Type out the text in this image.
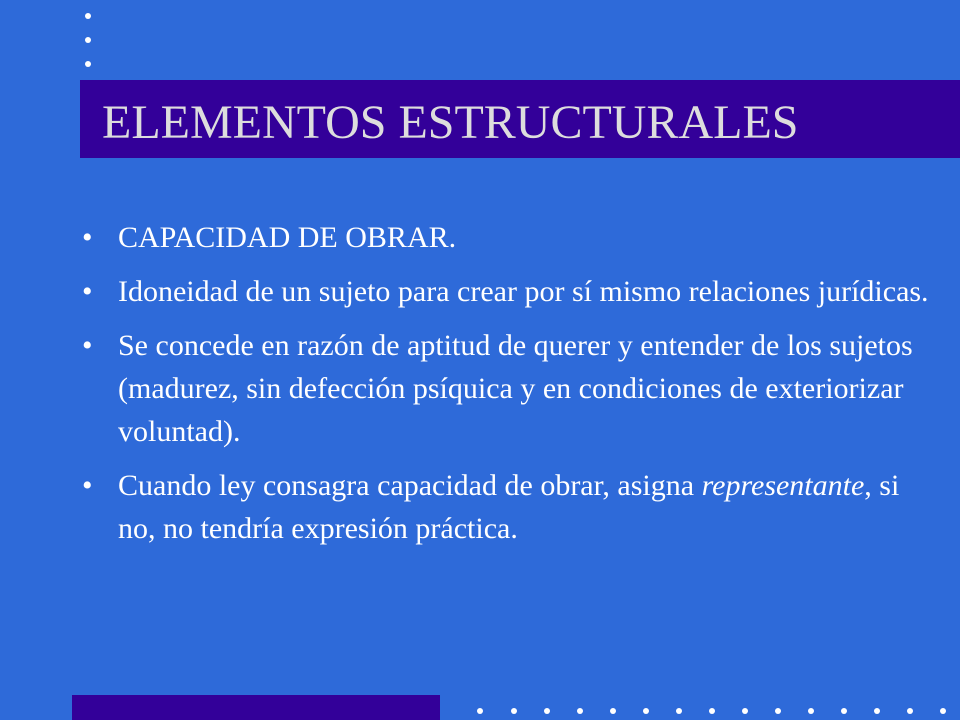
ELEMENTOS ESTRUCTURALES
• CAPACIDAD DE OBRAR.
• Idoneidad de un sujeto para crear por sí mismo relaciones jurídicas.
• Se concede en razón de aptitud de querer y entender de los sujetos (madurez, sin defección psíquica y en condiciones de exteriorizar voluntad).
• Cuando ley consagra capacidad de obrar, asigna representante, si no, no tendría expresión práctica.
